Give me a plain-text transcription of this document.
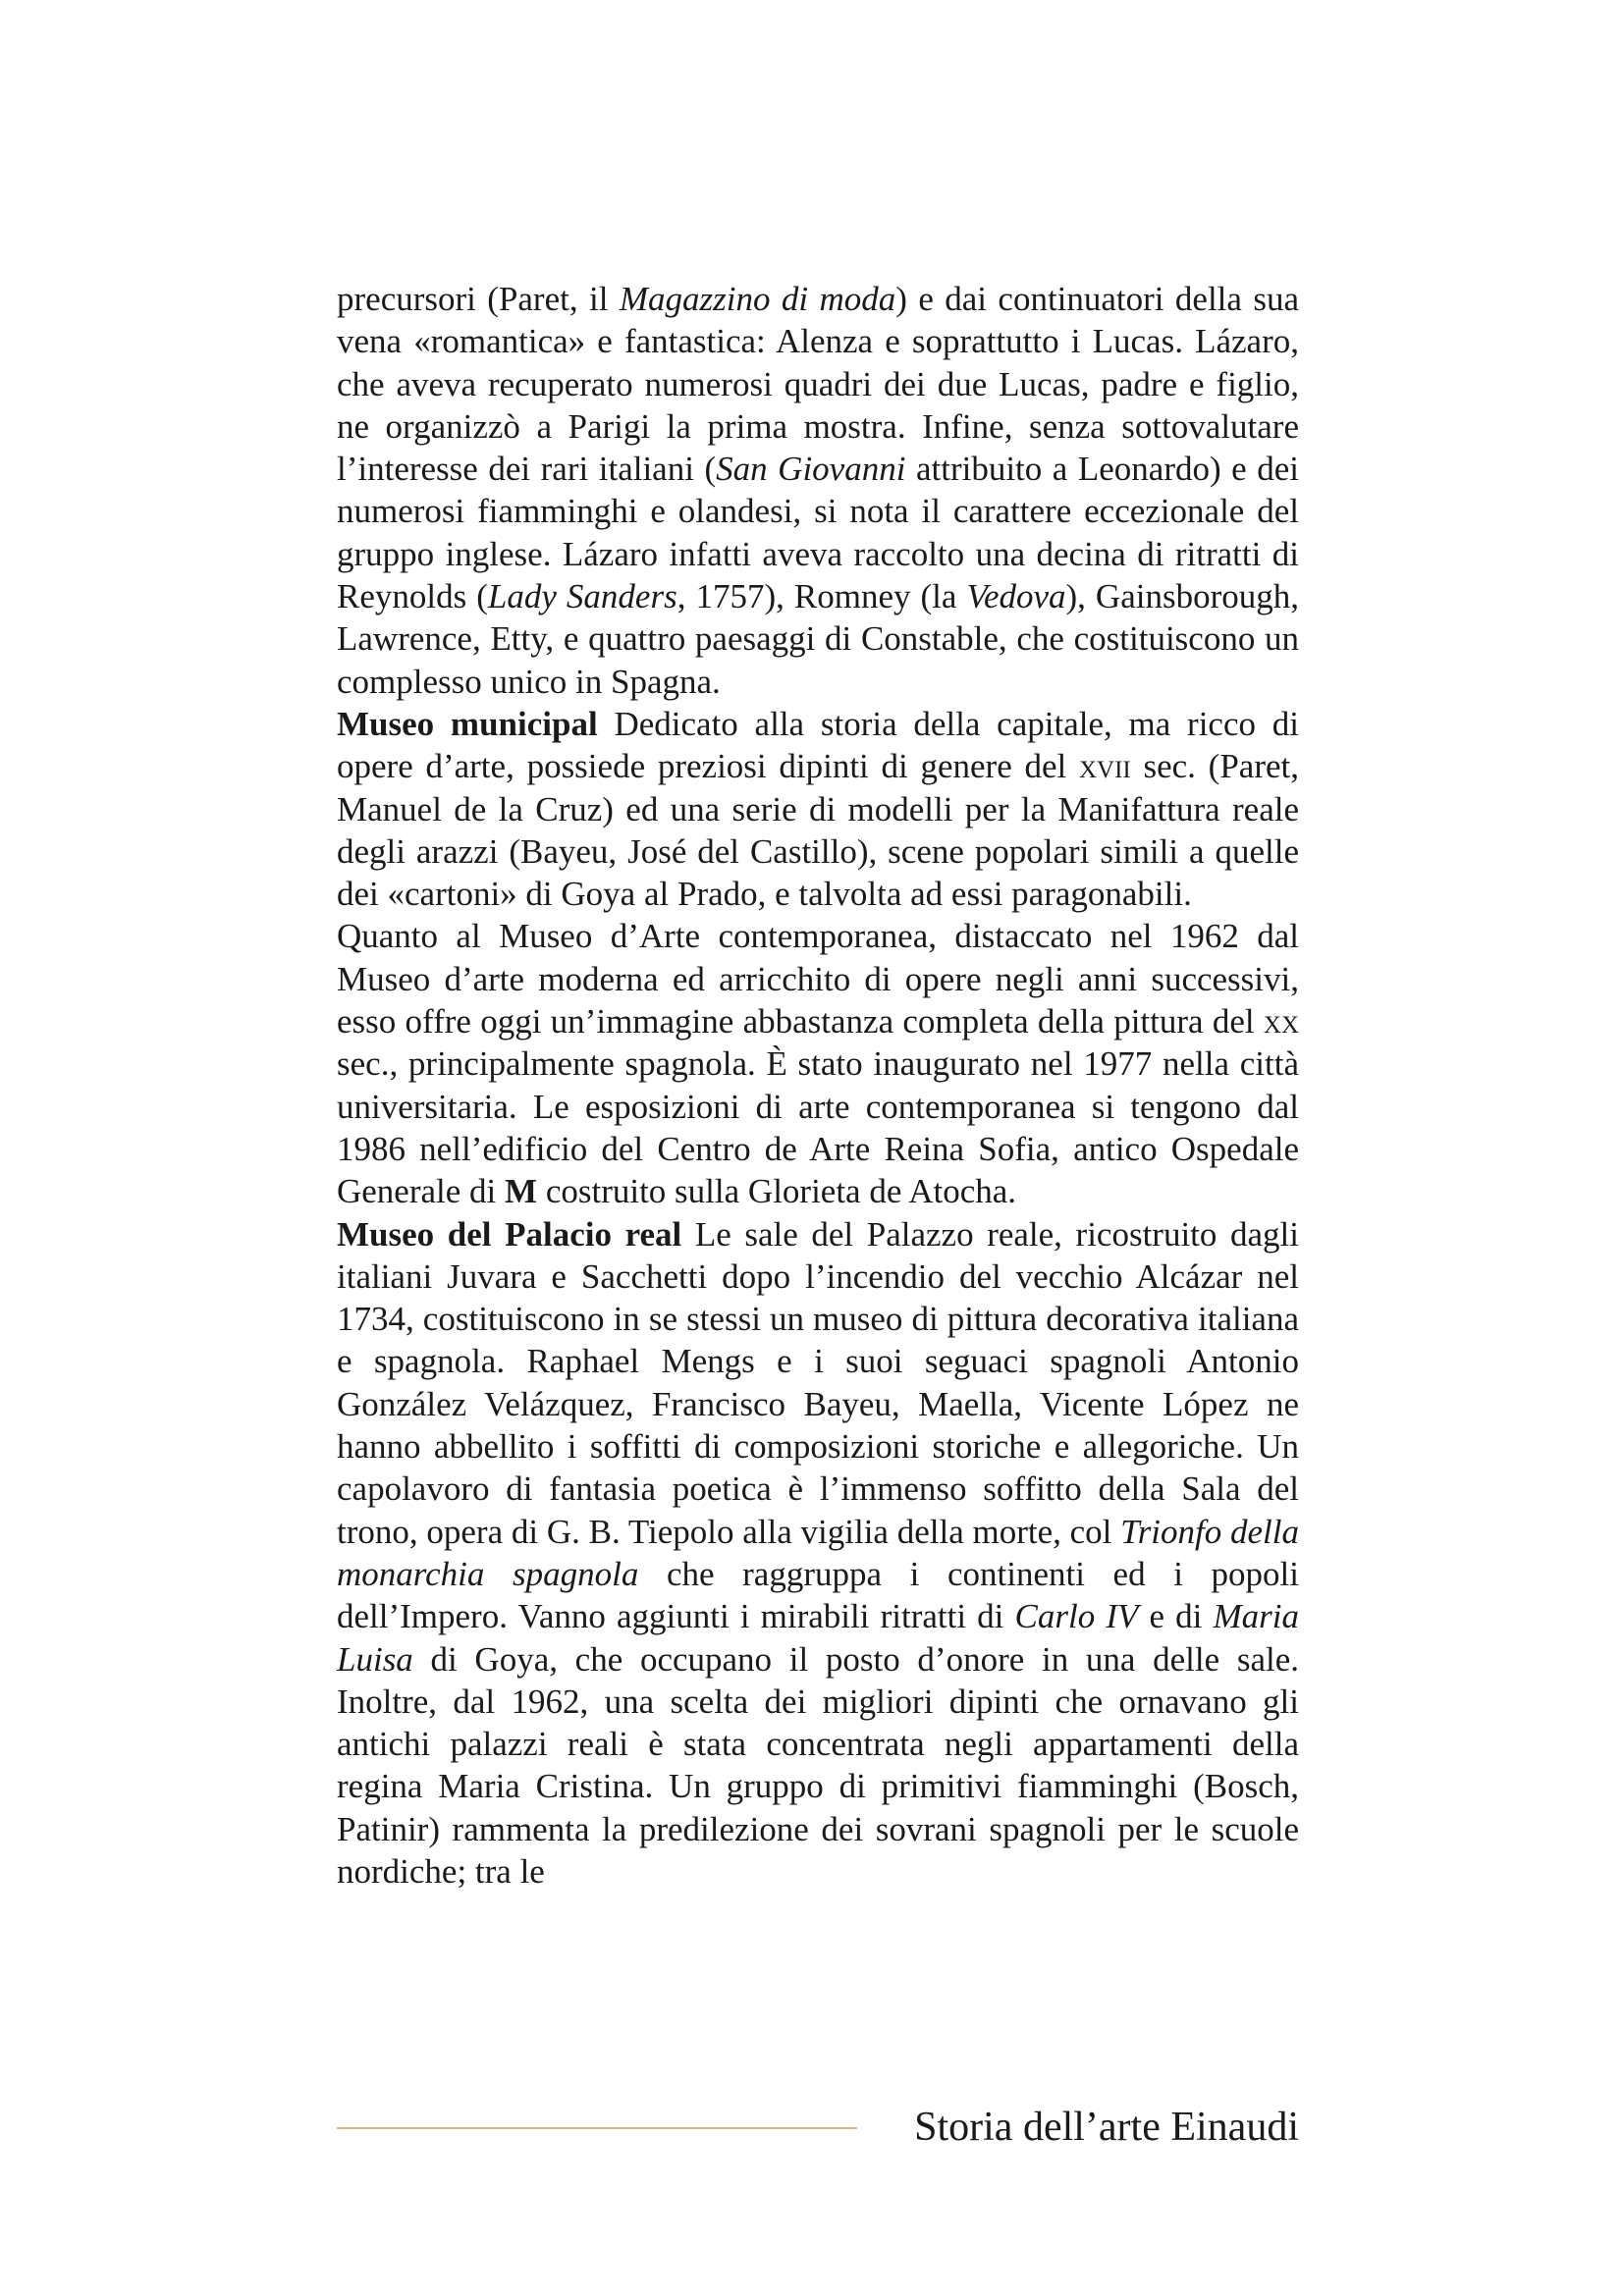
precursori (Paret, il Magazzino di moda) e dai continuatori della sua vena «romantica» e fantastica: Alenza e soprattutto i Lucas. Lázaro, che aveva recuperato numerosi quadri dei due Lucas, padre e figlio, ne organizzò a Parigi la prima mostra. Infine, senza sottovalutare l’interesse dei rari italiani (San Giovanni attribuito a Leonardo) e dei numerosi fiamminghi e olandesi, si nota il carattere eccezionale del gruppo inglese. Lázaro infatti aveva raccolto una decina di ritratti di Reynolds (Lady Sanders, 1757), Romney (la Vedova), Gainsborough, Lawrence, Etty, e quattro paesaggi di Constable, che costituiscono un complesso unico in Spagna.

Museo municipal Dedicato alla storia della capitale, ma ricco di opere d’arte, possiede preziosi dipinti di genere del xvii sec. (Paret, Manuel de la Cruz) ed una serie di modelli per la Manifattura reale degli arazzi (Bayeu, José del Castillo), scene popolari simili a quelle dei «cartoni» di Goya al Prado, e talvolta ad essi paragonabili.

Quanto al Museo d’Arte contemporanea, distaccato nel 1962 dal Museo d’arte moderna ed arricchito di opere negli anni successivi, esso offre oggi un’immagine abbastanza completa della pittura del xx sec., principalmente spagnola. È stato inaugurato nel 1977 nella città universitaria. Le esposizioni di arte contemporanea si tengono dal 1986 nell’edificio del Centro de Arte Reina Sofia, antico Ospedale Generale di M costruito sulla Glorieta de Atocha.

Museo del Palacio real Le sale del Palazzo reale, ricostruito dagli italiani Juvara e Sacchetti dopo l’incendio del vecchio Alcázar nel 1734, costituiscono in se stessi un museo di pittura decorativa italiana e spagnola. Raphael Mengs e i suoi seguaci spagnoli Antonio González Velázquez, Francisco Bayeu, Maella, Vicente López ne hanno abbellito i soffitti di composizioni storiche e allegoriche. Un capolavoro di fantasia poetica è l’immenso soffitto della Sala del trono, opera di G. B. Tiepolo alla vigilia della morte, col Trionfo della monarchia spagnola che raggruppa i continenti ed i popoli dell’Impero. Vanno aggiunti i mirabili ritratti di Carlo IV e di Maria Luisa di Goya, che occupano il posto d’onore in una delle sale. Inoltre, dal 1962, una scelta dei migliori dipinti che ornavano gli antichi palazzi reali è stata concentrata negli appartamenti della regina Maria Cristina. Un gruppo di primitivi fiamminghi (Bosch, Patinir) rammenta la predilezione dei sovrani spagnoli per le scuole nordiche; tra le

Storia dell’arte Einaudi
